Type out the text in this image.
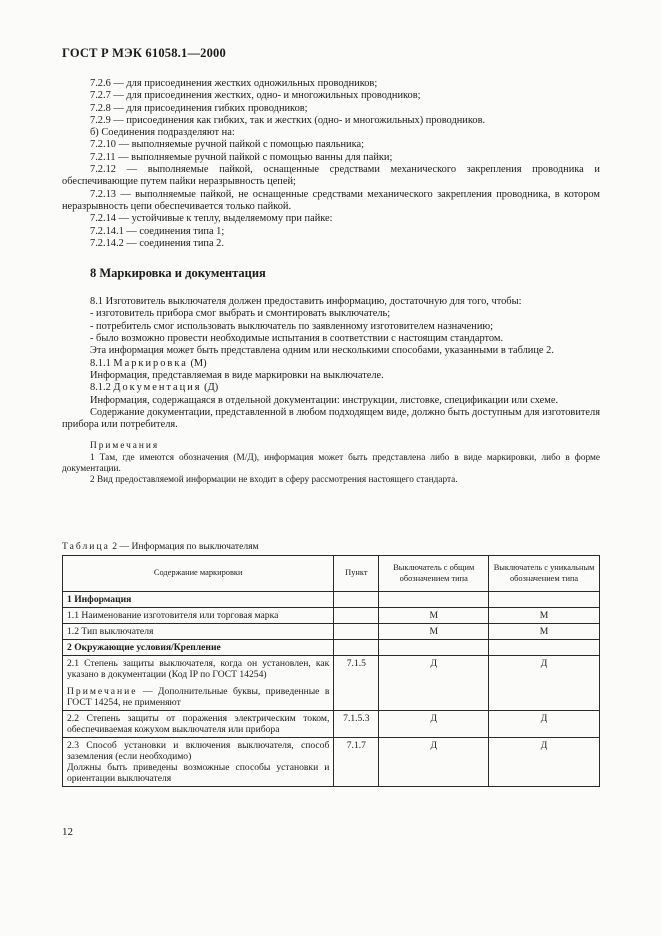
ГОСТ Р МЭК 61058.1—2000

7.2.6 — для присоединения жестких одножильных проводников;

7.2.7 — для присоединения жестких, одно- и многожильных проводников;

7.2.8 — для присоединения гибких проводников;

7.2.9 — присоединения как гибких, так и жестких (одно- и многожильных) проводников.

б) Соединения подразделяют на:

7.2.10 — выполняемые ручной пайкой с помощью паяльника;

7.2.11 — выполняемые ручной пайкой с помощью ванны для пайки;

7.2.12 — выполняемые пайкой, оснащенные средствами механического закрепления проводника и обеспечивающие путем пайки неразрывность цепей;

7.2.13 — выполняемые пайкой, не оснащенные средствами механического закрепления проводника, в котором неразрывность цепи обеспечивается только пайкой.

7.2.14 — устойчивые к теплу, выделяемому при пайке:

7.2.14.1 — соединения типа 1;

7.2.14.2 — соединения типа 2.

8 Маркировка и документация

8.1 Изготовитель выключателя должен предоставить информацию, достаточную для того, чтобы:

- изготовитель прибора смог выбрать и смонтировать выключатель;

- потребитель смог использовать выключатель по заявленному изготовителем назначению;

- было возможно провести необходимые испытания в соответствии с настоящим стандартом.

Эта информация может быть представлена одним или несколькими способами, указанными в таблице 2.

8.1.1 Маркировка (М)

Информация, представляемая в виде маркировки на выключателе.

8.1.2 Документация (Д)

Информация, содержащаяся в отдельной документации: инструкции, листовке, спецификации или схеме.

Содержание документации, представленной в любом подходящем виде, должно быть доступным для изготовителя прибора или потребителя.

Примечания

1 Там, где имеются обозначения (М/Д), информация может быть представлена либо в виде маркировки, либо в форме документации.

2 Вид предоставляемой информации не входит в сферу рассмотрения настоящего стандарта.

Таблица 2 — Информация по выключателям
Содержание маркировки	Пункт	Выключатель с общим обозначением типа	Выключатель с уникальным обозначением типа
1 Информация			
1.1 Наименование изготовителя или торговая марка		М	М
1.2 Тип выключателя		М	М
2 Окружающие условия/Крепление			

2.1 Степень защиты выключателя, когда он установлен, как указано в документации (Код IP по ГОСТ 14254)
Примечание — Дополнительные буквы, приведенные в ГОСТ 14254, не применяют	7.1.5	Д	Д
2.2 Степень защиты от поражения электрическим током, обеспечиваемая кожухом выключателя или прибора	7.1.5.3	Д	Д

2.3 Способ установки и включения выключателя, способ заземления (если необходимо)
Должны быть приведены возможные способы установки и ориентации выключателя	7.1.7	Д	Д
12
